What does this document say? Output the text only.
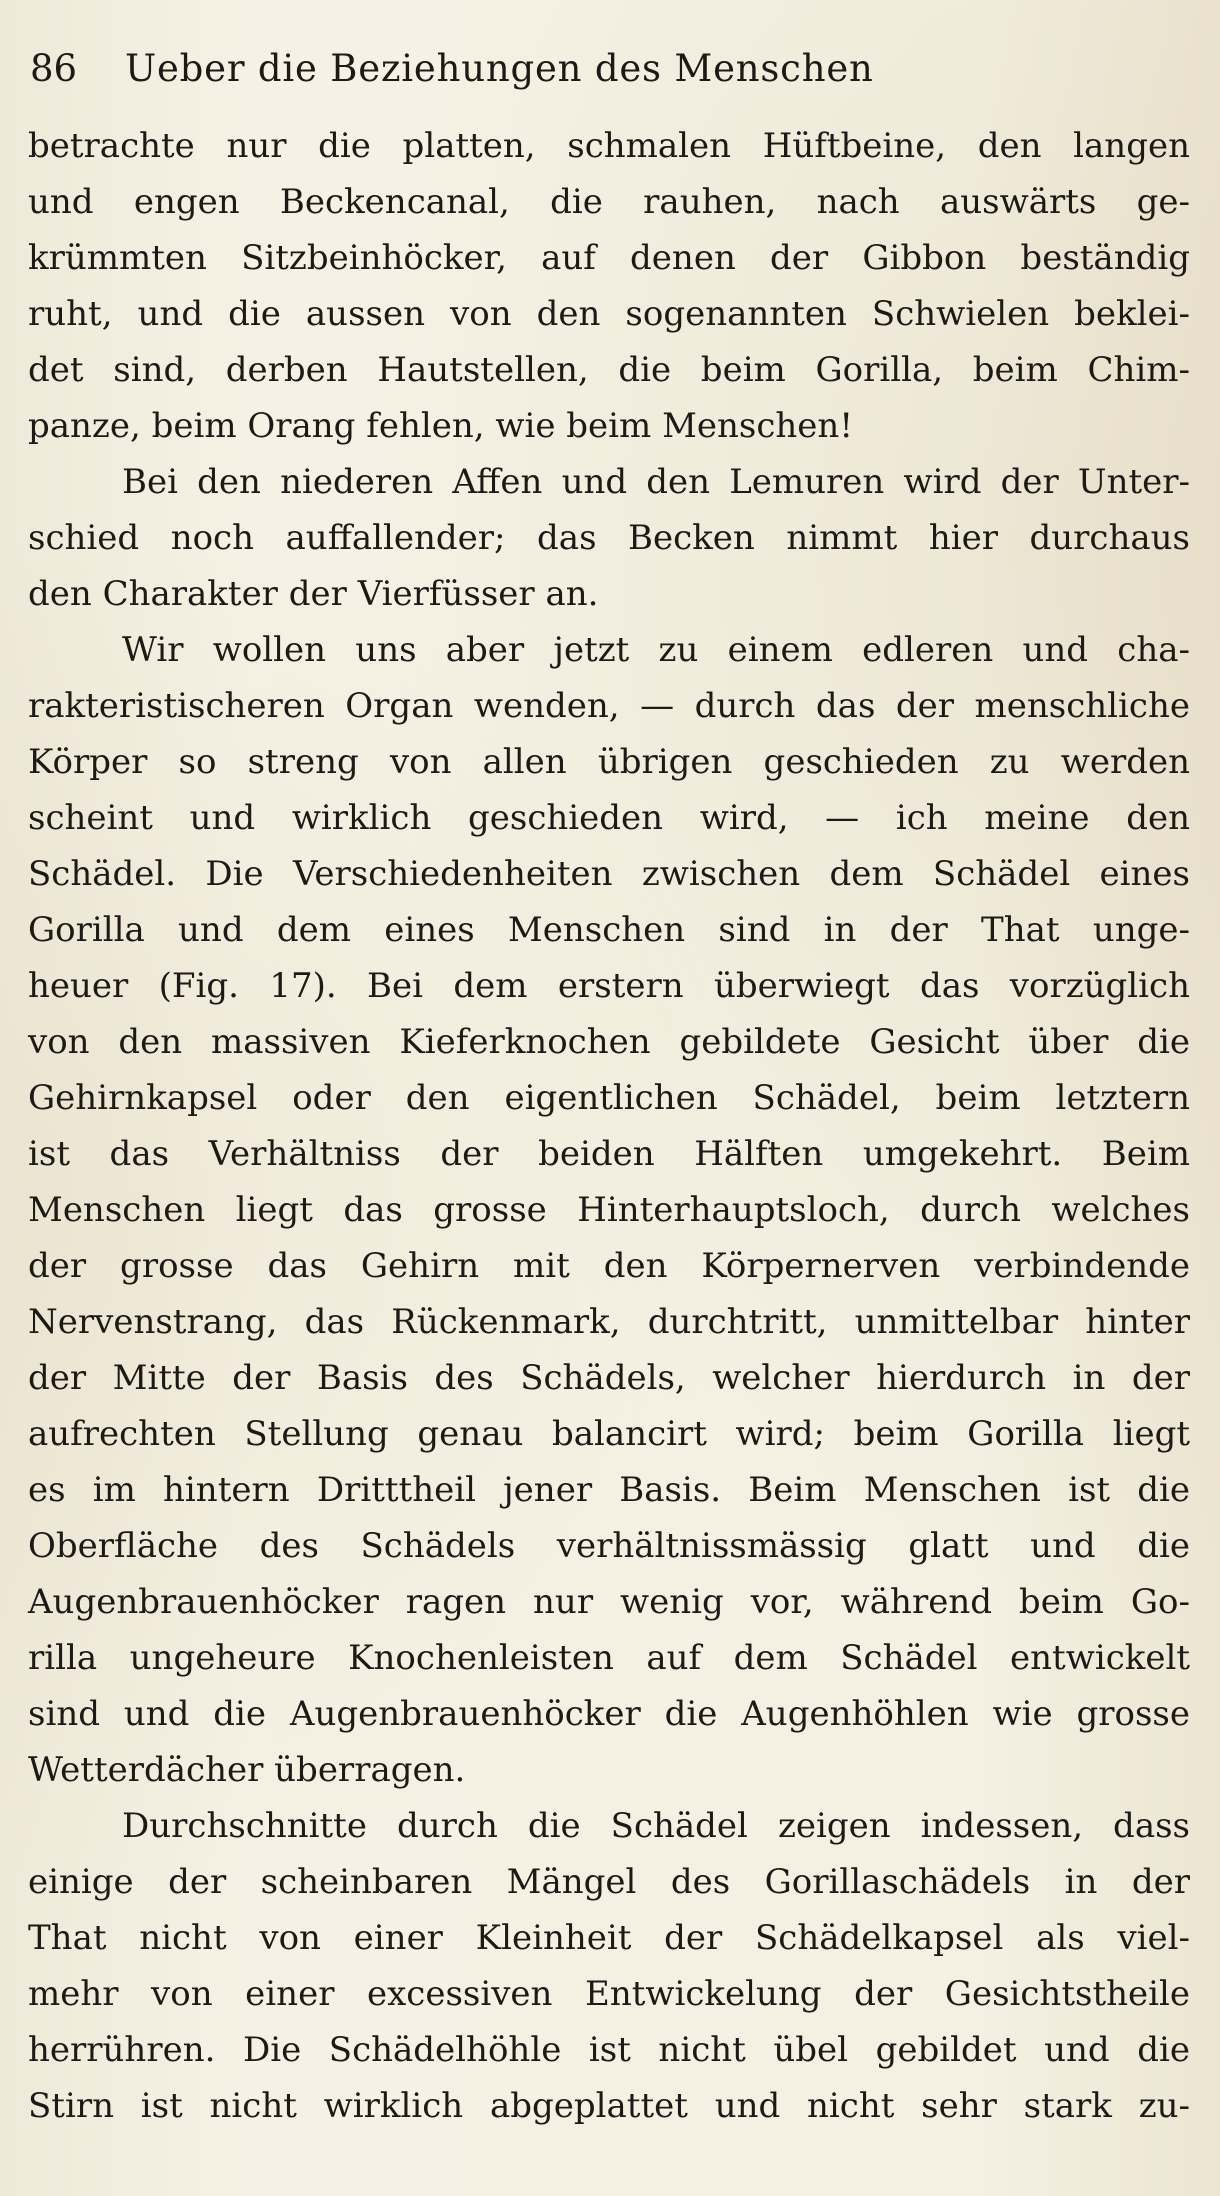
86 Ueber die Beziehungen des Menschen
betrachte nur die platten, schmalen Hüftbeine, den langen
und engen Beckencanal, die rauhen, nach auswärts ge-
krümmten Sitzbeinhöcker, auf denen der Gibbon beständig
ruht, und die aussen von den sogenannten Schwielen beklei-
det sind, derben Hautstellen, die beim Gorilla, beim Chim-
panze, beim Orang fehlen, wie beim Menschen!
Bei den niederen Affen und den Lemuren wird der Unter-
schied noch auffallender; das Becken nimmt hier durchaus
den Charakter der Vierfüsser an.
Wir wollen uns aber jetzt zu einem edleren und cha-
rakteristischeren Organ wenden, — durch das der menschliche
Körper so streng von allen übrigen geschieden zu werden
scheint und wirklich geschieden wird, — ich meine den
Schädel. Die Verschiedenheiten zwischen dem Schädel eines
Gorilla und dem eines Menschen sind in der That unge-
heuer (Fig. 17). Bei dem erstern überwiegt das vorzüglich
von den massiven Kieferknochen gebildete Gesicht über die
Gehirnkapsel oder den eigentlichen Schädel, beim letztern
ist das Verhältniss der beiden Hälften umgekehrt. Beim
Menschen liegt das grosse Hinterhauptsloch, durch welches
der grosse das Gehirn mit den Körpernerven verbindende
Nervenstrang, das Rückenmark, durchtritt, unmittelbar hinter
der Mitte der Basis des Schädels, welcher hierdurch in der
aufrechten Stellung genau balancirt wird; beim Gorilla liegt
es im hintern Dritttheil jener Basis. Beim Menschen ist die
Oberfläche des Schädels verhältnissmässig glatt und die
Augenbrauenhöcker ragen nur wenig vor, während beim Go-
rilla ungeheure Knochenleisten auf dem Schädel entwickelt
sind und die Augenbrauenhöcker die Augenhöhlen wie grosse
Wetterdächer überragen.
Durchschnitte durch die Schädel zeigen indessen, dass
einige der scheinbaren Mängel des Gorillaschädels in der
That nicht von einer Kleinheit der Schädelkapsel als viel-
mehr von einer excessiven Entwickelung der Gesichtstheile
herrühren. Die Schädelhöhle ist nicht übel gebildet und die
Stirn ist nicht wirklich abgeplattet und nicht sehr stark zu-
